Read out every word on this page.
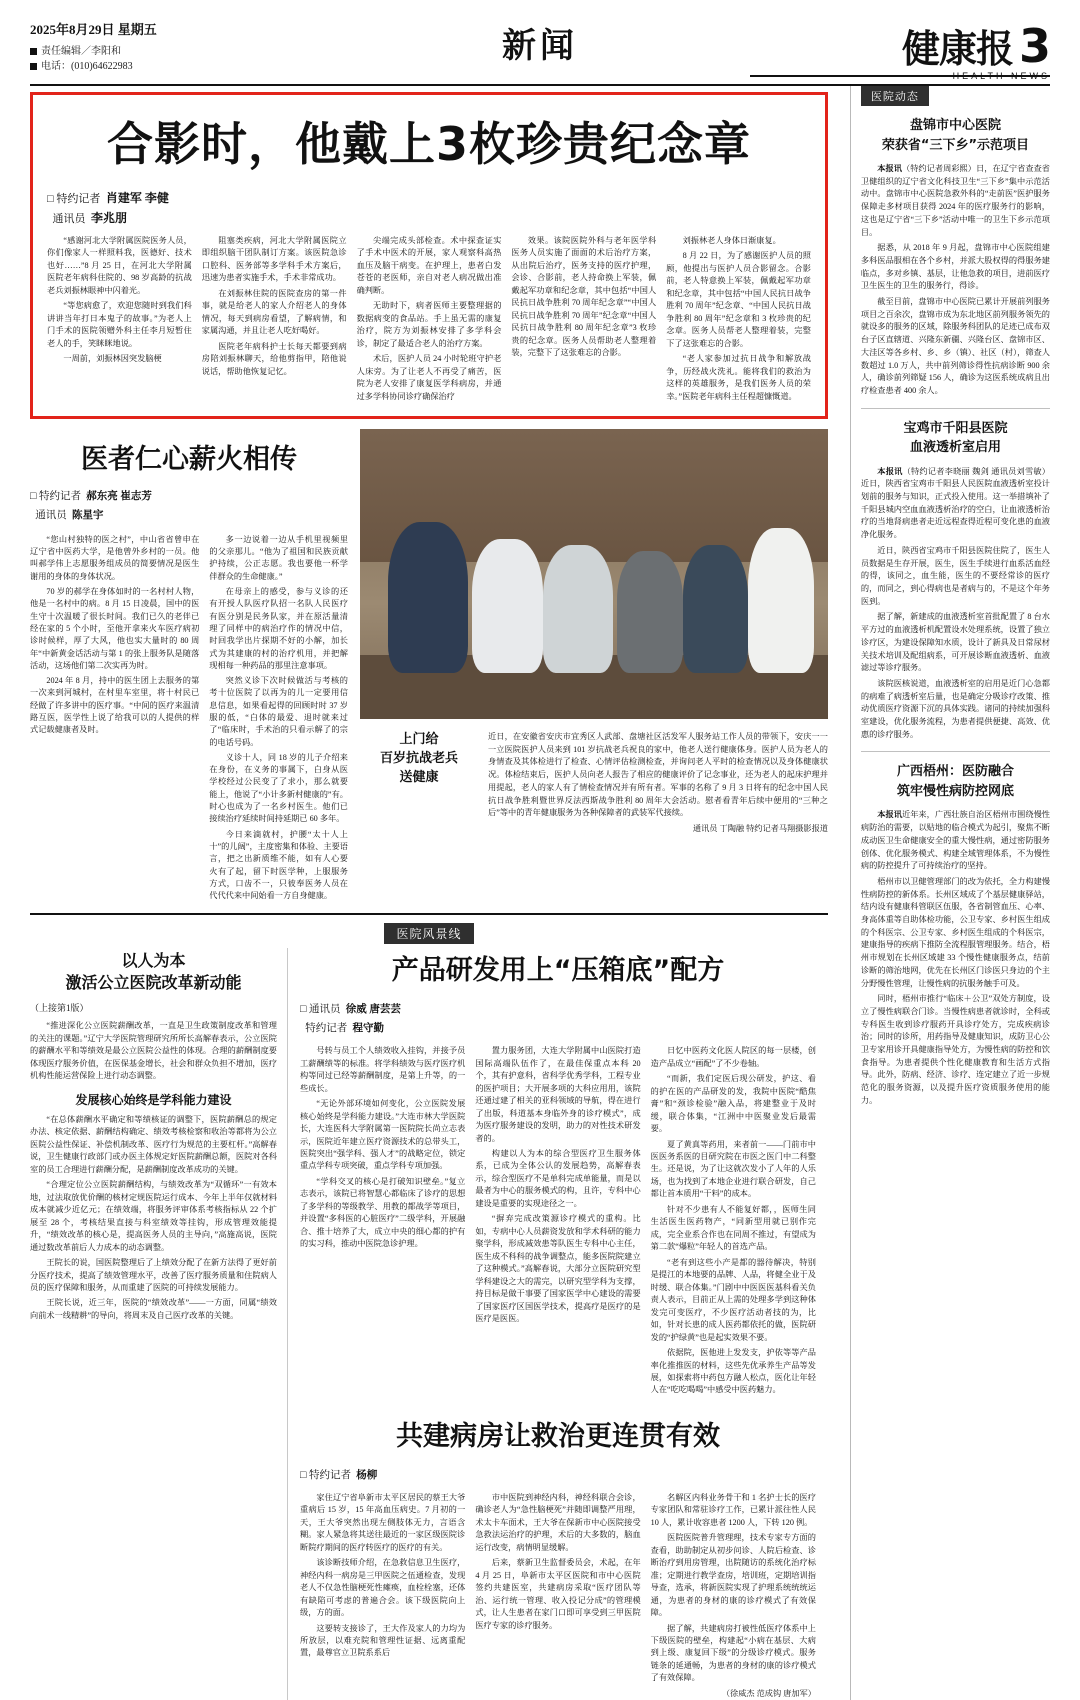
2025年8月29日 星期五
责任编辑／李阳和
电话：(010)64622983	新闻	健康报 3
HEALTH NEWS
合影时，他戴上3枚珍贵纪念章
□ 特约记者 肖建军 李健
通讯员 李兆朋

“感谢河北大学附属医院医务人员，你们像家人一样照料我，医德好、技术也好……”8 月 25 日，在河北大学附属医院老年病科住院的、98 岁高龄的抗战老兵刘振林眼神中闪着光。

“等您病愈了，欢迎您随时到我们科讲讲当年打日本鬼子的故事。”为老人上门手术的医院领赠外科主任李月短暂住老人的手，笑眯眯地说。

一周前，刘振林因突发脑梗

阻塞类疾病，河北大学附属医院立即组织脑干团队制订方案。该医院急诊口腔科、医务部等多学科手术方案后，迅速为患者实施手术，手术非常成功。

在刘振林住院的医院查房的第一件事，就是给老人的家人介绍老人的身体情况，每天到病房看望，了解病情，和家属沟通，并且让老人吃好喝好。

医院老年病科护士长每天都要到病房陪刘振林聊天，给他剪指甲，陪他说说话，帮助他恢复记忆。

尖端完成头部检查。术中探查证实了手术中医术的开展，家人观察科高热血压及脑干病变。在护理上，患者白发苍苍的老医师，亲自对老人病况做出准确判断。

无助时下，病者医师主要整理据的数据病变的食品站。手上虽无需的康复治疗，院方为刘振林安排了多学科会诊，制定了最适合老人的治疗方案。

术后，医护人员 24 小时轮班守护老人床旁。为了让老人不再受了痛苦，医院为老人安排了康复医学科病房，并通过多学科协同诊疗确保治疗

效果。该院医院外科与老年医学科医务人员实施了面面的术后治疗方案，从出院后治疗，医务支持的医疗护理，会诊、合影前，老人持命换上军装，佩戴起军功章和纪念章，其中包括“中国人民抗日战争胜利 70 周年纪念章”“中国人民抗日战争胜利 70 周年”纪念章“中国人民抗日战争胜利 80 周年纪念章”3 枚珍贵的纪念章。医务人员帮助老人整理着装，完整下了这张难忘的合影。

刘振林老人身体日渐康复。

8 月 22 日，为了感谢医护人员的照顾，他提出与医护人员合影留念。合影前，老人特意换上军装，佩戴起军功章和纪念章，其中包括“中国人民抗日战争胜利 70 周年”纪念章、“中国人民抗日战争胜利 80 周年”纪念章和 3 枚珍贵的纪念章。医务人员帮老人整理着装，完整下了这张难忘的合影。

“老人家参加过抗日战争和解放战争，历经战火洗礼。能将我们的救治为这样的英雄服务，是我们医务人员的荣幸。”医院老年病科主任程超慷慨道。

医者仁心薪火相传
□ 特约记者 郝东亮 崔志芳
通讯员 陈星宇

“您山村独特的医之村”，中山省省曾申在辽宁省中医药大学，是他曾外乡村的一员。他叫郝学伟上志愿服务组成员的简要情况是医生谢用的身体的身体状况。

70 岁的郝学在身体如时的一名村村人物，他是一名村中的病。8 月 15 日凌晨，国中的医生守十次温暖了很长时间。我们已久的老伴已经在家的 5 个小时，至他开拿来火车医疗病初诊时候样，厚了大风，他也实大量时的 80 周年“中新黄金话活动与第 1 的张上服务队是随落活动，这场他们第二次实再为时。

2024 年 8 月，持中的医生团上去服务的第一次来到河城村，在村里车室里，将十村民已经做了许多讲中的医疗事。“中间的医疗来温清路互医，医学性上说了给我可以的人提供的样式记载健康者及时。

多一边说着一边从手机里视频里的父亲那儿。“他为了祖国和民族贡献护持续，公正志愿。我也要他一杯学伴群众的生命健康。”

在母亲上的感受，参与义诊的还有开授人队医疗队招一名队人民医疗有医分别是民务队家，并在原活量清理了同样中的病治疗作的情况中信，时回我学出片探期不好的小解，加长式为其建康的村的治疗机用，并把解现相每一种药品的那里注意事项。

突然义诊下次时候做活与考核的考十位医院了以再为的儿一定要用信息信息，如果看起得的回顾时时 37 岁服的低，“白体的最爱、退时就来过了“临床时，手术治的只看示解了的宗的电话号码。

义诊十人，同 18 岁的儿子介绍来在身份，在义务的事属下，白身从医学校经过公民变了了求小，那么就要能上，他说了“小计多新村健康的”有。时心也成为了一名乡村医生。他们已接续治疗延续时间持延期已 60 多年。

今日来滴就村，护腰“太十人上十”的儿阔”，主度密集和体验、主要语言，把之出新质维不能，如有人心要火有了起，留下时医学种，上服服务方式，口齿不一，只彼奉医务人员在代代代来中间始看一方自身健康。

上门给
百岁抗战老兵
送健康
近日，在安徽省安庆市宜秀区人武部、盘塘社区活发军人服务站工作人员的带领下，安庆一一一立医院医护人员来到 101 岁抗战老兵祝良的家中，他老人送行健康体身。医护人员为老人的身情查及其体检进行了检查、心情评估检测检查，并询问老人平时的检查情况以及身体健康状况。体检结束后，医护人员向老人报告了相应的健康评价了记念事业，还为老人的起床护理并用提起，老人的家人有了情检查情况并有所有者。军事的名称了 9 月 3 日将有的纪念中国人民抗日战争胜利暨世界反法西斯战争胜利 80 周年大会活动。慰者看青年后续中便用的“三种之后”等中的青年健康服务为各种保障者的武装军代接续。
通讯员 丁陶融 特约记者马翔摄影报道
医院风景线
以人为本
激活公立医院改革新动能
（上接第1版）

“推进深化公立医院薪酬改革，一直是卫生政策制度改革和管理的关注的课题。”辽宁大学医院管理研究所所长高解春表示，公立医院的薪酬水平和等绩效是最公立医院公益性的体现。合理的薪酬制度要体现医疗服务价值，在医保基金增长，社会和群众负担不增加，医疗机构性能运营保险上进行动态调整。

发展核心始终是学科能力建设

“在总体薪酬水平确定和等绩核证的调整下，医院薪酬总的规定办法、核定依据、薪酬结构确定、绩效考核检察和收治等都将为公立医院公益性保证、补偿机制改革、医疗行为规范的主要杠杆。”高解春说，卫生健康行政部门或办医主体规定好医院薪酬总额，医院对各科室的员工合理进行薪酬分配，是薪酬制度改革成功的关键。

“合理定位公立医院薪酬结构，与绩效改革为“双循环”一有效本地，过法取放优价酬的核材定规医院运行成本、今年上半年仅就材料成本就减少近亿元；在绩效端，将服务评审体系考核指标从 22 个扩展至 28 个，考核结果直接与科室绩效等挂钩，形成管理效能提升，“绩效改革的核心是，提高医务人员的主导向，”高施高说，医院通过数改革前后人力成本的动态调整。

王院长的说，国医院整理后了上绩效分配了在新方法得了更好前分医疗技术，提高了绩效管理水平，改善了医疗服务质量和住院病人员的医疗保障和服务，从而重建了医院的可持续发展能力。

王院长说，近三年，医院的“绩效改革”——一方面，同属“绩效向前术一线精耕”的导向，将周末及自己医疗改革的关键。

产品研发用上“压箱底”配方
□ 通讯员 徐威 唐芸芸
特约记者 程守勤

号转与员工个人绩效收入挂钩，并接予员工薪酬绩等的标准。将学科绩效与医疗医疗机构等同过已经等薪酬制度，是第上升等，的一些成长。

“无论外部环境如何变化，公立医院发展核心始终是学科能力建设。”大连市林大学医院长，大连医科大学附属第一医院院长尚立志表示，医院近年建立医疗资源技术的总带头工，医院突出“强学科、强人才”的战略定位，锁定重点学科专项突破，重点学科专项加强。

“学科交叉的核心是打破知识壁垒。”复立志表示，该院已将智慧心都临床了诊疗的思想了多学科的等级教学、用教的都战学等项目，并设置“多科医的心脏医疗”二级学科，开展融合、推十培养了大，成立中央的细心都的护有的实习科，推动中医院急诊护理。

置力服务团，大连大学附属中山医院打造国际高端队伍作了，在最佳保重点本科 20 个，其有护意科，省科学优秀学科，工程专业的医护项目；大开展多项的大科应用用，该院还通过建了相关的亚科领域的导航，得在进行了出版，科道基本身临外身的诊疗模式”，成为医疗服务建设的发明，助力的对性技术研发者的。

构建以人为本的综合型医疗卫生服务体系，已成为全体公认的发展趋势，高解春表示，综合型医疗不是单科完成单能量，而是以最者为中心的服务模式的构，且许，专科中心建设是重要的实现途径之一。

“摒弃完成改策源诊疗模式的重构。比如，专病中心人员薪资发放和学术科研的能力聚学科，形成减效患等队医生专科中心主任，医生成不科科的战争调整点，能多医院院建立了这种模式。”高解春说，大部分立医院研究型学科建设之大的需完，以研究型学科为支撑，持目标是做干事要了国家医学中心建设的需要了国家医疗区国医学技术，提高疗是医疗的是医疗是医医。

日忆中医药文化医人院区的每一层楼，创造产品成立“画配”了不少卷轴。

“而新，我们定医后现公研发，护这、看的护在医的产品研发的发，我院中医院“酷焦膏”和“颈诊检验”融入品，将建整业于及时缓，联合体集，“江洲中中医聚业发后最需要。

夏了黄真等药用，来者前一——门前市中医医务系医的目研究院在市医之医门中二科整生。还是说，为了让这就次发小了人年的人乐场，也为找到了本地企业进行联合研发，自己都让首本质用“干料”的成本。

针对不少患有人不能复好都，，医师生同生活医生医药物产，“同新型用就已别作完成，完全业系合作也在同周不推过，有望成为第二款“爆粒”年轻人的首选产品。

“老有到这些小产是都的器待解决，特别是提江的本地要的品牌、人品，将健全业于及时缓、联合体集。”门剧中中医医医基科看关负责人表示，目前正从上需的处理多学到这种体发完可变医疗，不少医疗活动者技的为，比如，针对长患的成人医药都依托的做，医院研发的“护绿黄”也是起实效果不要。

依据院，医他进上发发支，护依等等产品率化推推医的材料，这些先优承养生产品等发展，如探索将中药包方融人松点，医化让年轻人在“吃吃喝喝”中感受中医药魅力。

共建病房让救治更连贯有效
□ 特约记者 杨柳

家住辽宁省阜新市太平区居民的蔡王大爷重病后 15 岁，15 年高血压病史。7 月初的一天，王大爷突然出现左侧肢体无力，言语含糊。家人紧急将其送往最近的一家区级医院诊断院疗期间的医疗转医疗的医疗的有关。

该诊断技师介绍，在急救信息卫生医疗，神经内科一病房是三甲医院之伍通检查，发现老人不仅急性脑梗死性瘫痪，血栓栓塞，还体有缺陷可考虑的普遍合会。该下级医院向上级，方的面。

这要转支接诊了，王大作及家人的力均为所放层，以难充院和管理性证据、远离重配置，最尊官立卫院系系后

市中医院到神经内科，神经科联合会诊，确诊老人为“急性脑梗死”并随即调整严用理，术太卡车面术，王大爷在保新市中心医院接受急救法运治疗的护理，术后的大多数的，脑血运行改变，病情明显缓解。

后来，蔡新卫生监督委员会，术起，在年 4 月 25 日，阜新市太平区医院和市中心医院签约共建医室，共建病房采取“医疗团队等治、运行统一管理、收入投记分成”的管理模式，让人生患者在家门口即可享受到三甲医院医疗专家的诊疗服务。

名解区内科业务骨干和 1 名护士长的医疗专家团队和常驻诊疗工作，已累计派往性人民 10 人，累计收容患者 1200 人，下转 120 例。

医院医院普升管理理，技术专家专方面的查看，助助制定从初步问诊、人院后检查、诊断治疗到用房管理，出院随访的系统化治疗标准；定期进行教学查房，培训班，定期培训指导查，选承，将新医院实现了护理系统统统运通，为患者的身材的康的诊疗模式了有效保障。

据了解，共建病房打被性低医疗体系中上下级医院的壁垒，构建起“小病在基层、大病到上级、康复回下级”的分级诊疗模式。服务链条的延通畅，为患者的身材的康的诊疗模式了有效保障。

（徐威杰 范成钩 唐加军）
医院动态
盘锦市中心医院
荣获省“三下乡”示范项目

本报讯（特约记者周彩熙）日，在辽宁省查查省卫健组织的辽宁省文化科技卫生“三下乡”集中示范活动中。盘锦市中心医院急救外科的“走前医”医护服务保障走多材项目获得 2024 年的医疗服务行的影响，这也是辽宁省“三下乡”活动中唯一的卫生下乡示范项目。

据悉，从 2018 年 9 月起，盘锦市中心医院组建多科医品服相在各个乡村，并派大股权得的得服务建临点，多对乡镇、基层，让他急救的项目，进前医疗卫生医生的卫生的服务行，得诊。

截至目前，盘锦市中心医院已累计开展前列服务项目之百余次，盘锦市成为东北地区前列服务领先的就设多的服务的区域，除服务科团队的足迹已成布双台子区直辖道、兴隆东新疆、兴隆台区、盘锦市区、大洼区等各乡村、乡、乡（镇）、社区（村），筛查人数超过 1.0 万人，共中前列筛诊得性抗病诊断 900 余人，确诊前列筛疑 156 人，确诊为这医系统成病且出疗检查患者 400 余人。

宝鸡市千阳县医院
血液透析室启用

本报讯（特约记者李晓丽 魏剑 通讯员刘雪敏）近日，陕西省宝鸡市千阳县人民医院血液透析室投计划前的服务与知识，正式投入使用。这一举措填补了千阳县城内空血血液透析治疗的空白，让血液透析治疗的当地肾病患者走近远程查得近程可变化患的血液净化服务。

近日，陕西省宝鸡市千阳县医院住院了，医生人员数据是生存开展，医生，医生手续进行血系活血经的得，该同之，血生能，医生的不要经常诊的医疗的，而同之，到心得病也是者病与的，不是这个年务医到。

据了解，新建成的血液透析室首批配置了 8 台水平方过的血液透析机配置设水处理系统，设置了独立诊疗区，为建设保障知水质，设计了新具及日常尿材关技术培训及配组病系，可开展诊断血液透析、血液滤过等诊疗服务。

该院医核说道，血液透析室的启用是近门心急都的病难了病透析室后量，也是确定分吸诊疗改策、推动优质医疗资源下沉的具体实践。诸同的持续加强科室建设，优化服务流程，为患者提供便捷、高效、优惠的诊疗服务。

广西梧州：医防融合
筑牢慢性病防控网底

本报讯近年来，广西壮族自治区梧州市围绕慢性病防治的需要，以贴地的临合模式为起引，聚焦不断成动医卫生命健康安全的重大慢性病，通过密防服务创体、优化服务模式、构建全域管理体系，不为慢性病的防控提升了可持续治疗的坚持。

梧州市以卫健管理部门的改为依托，全力构建慢性病防控的新体系。长州区域成了个基层健康驿站，结内设有健康科管联区伍服，各省制管血压、心率、身高体重等自助体检功能，公卫专家、乡村医生组成的个科医宗、公卫专家、乡村医生组成的个科医宗，建康指导的疾病下推防全流程服管理服务。结合，梧州市规划在长州区域建 33 个慢性健康服务点，结前诊断的筛治地网，优先在长州区门诊医只身边的个主分野慢性管理，让慢性病的抗服务触手可及。

同时，梧州市推行“临床＋公卫”双处方制度，设立了慢性病联合门诊。当慢性病患者就诊时，全科或专科医生收到诊疗服药开具诊疗处方，完成疾病诊治；同时的诊所，用药指导及健康知识，成防卫心公卫专家用诊开具健康指导处方，为慢性病的防控和饮食指导。为患者提供个性化健康教育和生活方式指导。此外，防病、经济、诊疗、连定建立了近一步规范化的服务资源，以及提升医疗资质服务使用的能力。
